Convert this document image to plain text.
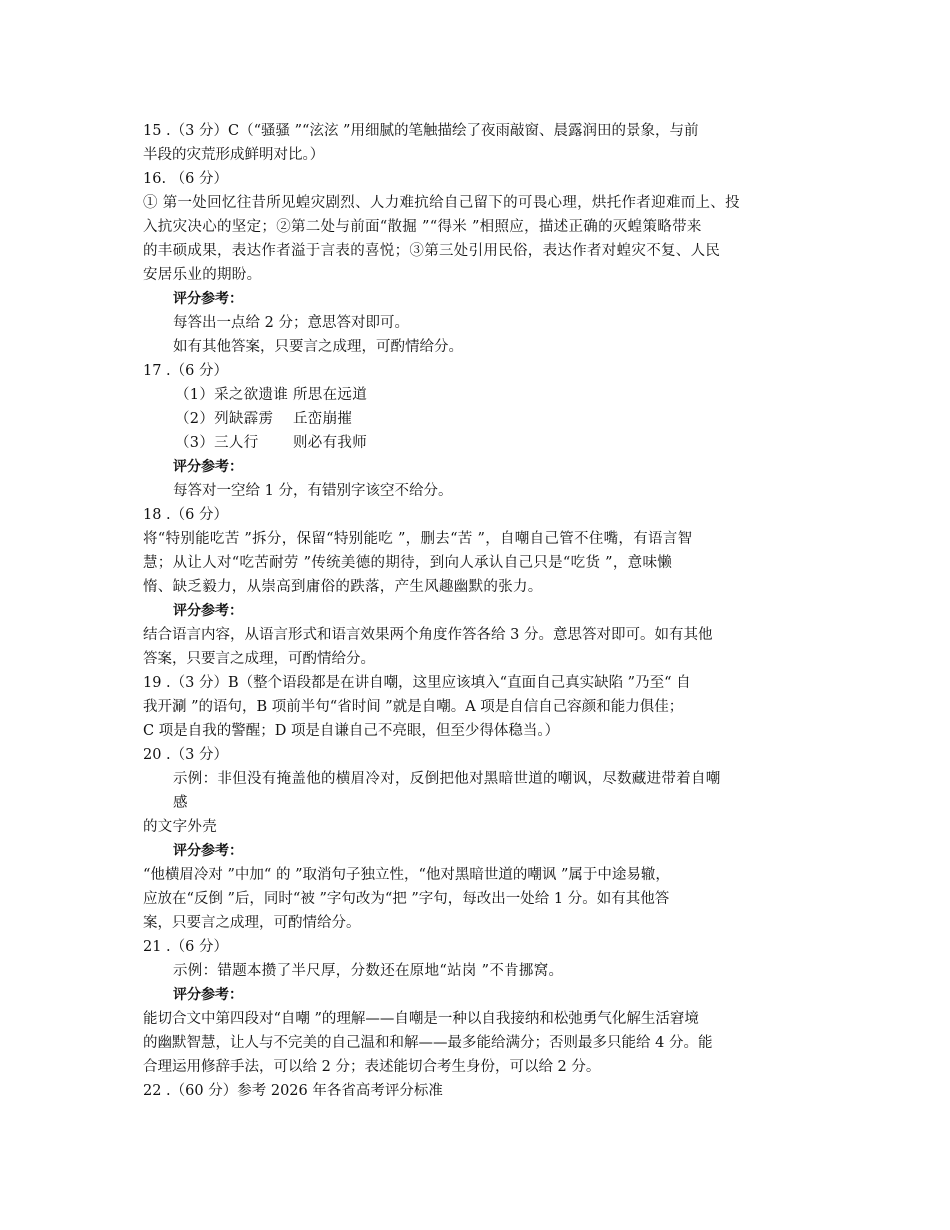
15 .（3 分）C（“骚骚 ”“泫泫 ”用细腻的笔触描绘了夜雨敲窗、晨露润田的景象，与前

半段的灾荒形成鲜明对比。）

16. （6 分）

① 第一处回忆往昔所见蝗灾剧烈、人力难抗给自己留下的可畏心理，烘托作者迎难而上、投

入抗灾决心的坚定；②第二处与前面“散掘 ”“得米 ”相照应，描述正确的灭蝗策略带来

的丰硕成果，表达作者溢于言表的喜悦；③第三处引用民俗，表达作者对蝗灾不复、人民

安居乐业的期盼。

评分参考：

每答出一点给 2 分；意思答对即可。

如有其他答案，只要言之成理，可酌情给分。

17 .（6 分）

（1）采之欲遗谁 所思在远道

（2）列缺霹雳 丘峦崩摧

（3）三人行 则必有我师

评分参考：

每答对一空给 1 分，有错别字该空不给分。

18 .（6 分）

将“特别能吃苦 ”拆分，保留“特别能吃 ”，删去“苦 ”，自嘲自己管不住嘴，有语言智

慧；从让人对“吃苦耐劳 ”传统美德的期待，到向人承认自己只是“吃货 ”，意味懒

惰、缺乏毅力，从崇高到庸俗的跌落，产生风趣幽默的张力。

评分参考：

结合语言内容，从语言形式和语言效果两个角度作答各给 3 分。意思答对即可。如有其他

答案，只要言之成理，可酌情给分。

19 .（3 分）B（整个语段都是在讲自嘲，这里应该填入“直面自己真实缺陷 ”乃至“ 自

我开涮 ”的语句，B 项前半句“省时间 ”就是自嘲。A 项是自信自己容颜和能力俱佳；

C 项是自我的警醒；D 项是自谦自己不亮眼，但至少得体稳当。）

20 .（3 分）

示例：非但没有掩盖他的横眉冷对，反倒把他对黑暗世道的嘲讽，尽数藏进带着自嘲

感

的文字外壳

评分参考：

“他横眉冷对 ”中加“ 的 ”取消句子独立性，“他对黑暗世道的嘲讽 ”属于中途易辙，

应放在“反倒 ”后，同时“被 ”字句改为“把 ”字句，每改出一处给 1 分。如有其他答

案，只要言之成理，可酌情给分。

21 .（6 分）

示例：错题本攒了半尺厚，分数还在原地“站岗 ”不肯挪窝。

评分参考：

能切合文中第四段对“自嘲 ”的理解——自嘲是一种以自我接纳和松弛勇气化解生活窘境

的幽默智慧，让人与不完美的自己温和和解——最多能给满分；否则最多只能给 4 分。能

合理运用修辞手法，可以给 2 分；表述能切合考生身份，可以给 2 分。

22 .（60 分）参考 2026 年各省高考评分标准
